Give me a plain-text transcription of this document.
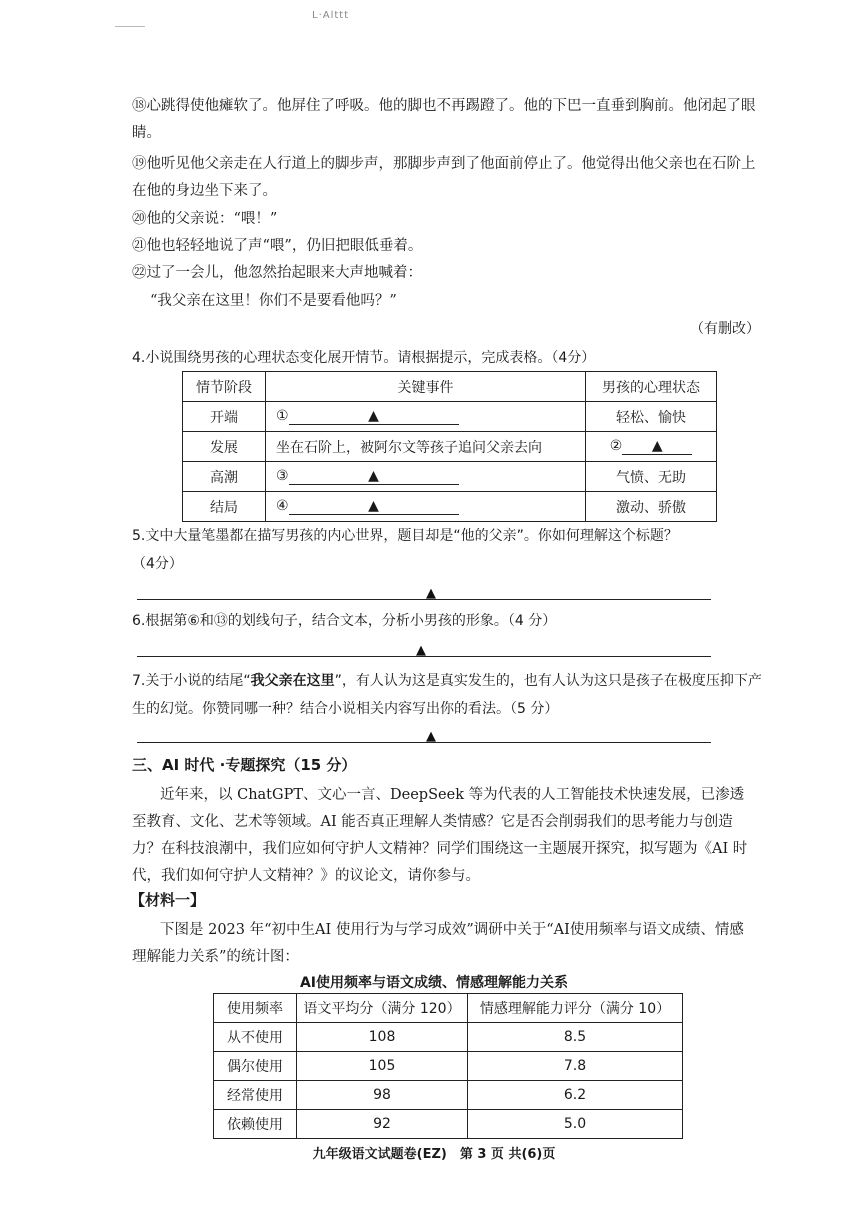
L·Alttt
⑱心跳得使他瘫软了。他屏住了呼吸。他的脚也不再踢蹬了。他的下巴一直垂到胸前。他闭起了眼睛。
⑲他听见他父亲走在人行道上的脚步声，那脚步声到了他面前停止了。他觉得出他父亲也在石阶上在他的身边坐下来了。
⑳他的父亲说：“喂！”
㉑他也轻轻地说了声“喂”，仍旧把眼低垂着。
㉒过了一会儿，他忽然抬起眼来大声地喊着：
“我父亲在这里！你们不是要看他吗？”
（有删改）
4.小说围绕男孩的心理状态变化展开情节。请根据提示，完成表格。（4分）
情节阶段	关键事件	男孩的心理状态
开端	① ▲	轻松、愉快
发展	坐在石阶上，被阿尔文等孩子追问父亲去向	② ▲
高潮	③ ▲	气愤、无助
结局	④ ▲	激动、骄傲
5.文中大量笔墨都在描写男孩的内心世界，题目却是“他的父亲”。你如何理解这个标题？
（4分）
▲
6.根据第⑥和⑬的划线句子，结合文本，分析小男孩的形象。（4 分）
▲
7.关于小说的结尾“我父亲在这里”，有人认为这是真实发生的，也有人认为这只是孩子在极度压抑下产生的幻觉。你赞同哪一种？结合小说相关内容写出你的看法。（5 分）
▲
三、AI 时代 ·专题探究（15 分）
近年来，以 ChatGPT、文心一言、DeepSeek 等为代表的人工智能技术快速发展，已渗透至教育、文化、艺术等领域。AI 能否真正理解人类情感？它是否会削弱我们的思考能力与创造力？在科技浪潮中，我们应如何守护人文精神？同学们围绕这一主题展开探究，拟写题为《AI 时代，我们如何守护人文精神？》的议论文，请你参与。
【材料一】
下图是 2023 年“初中生AI 使用行为与学习成效”调研中关于“AI使用频率与语文成绩、情感理解能力关系”的统计图：
AI使用频率与语文成绩、情感理解能力关系
使用频率	语文平均分（满分 120）	情感理解能力评分（满分 10）
从不使用	108	8.5
偶尔使用	105	7.8
经常使用	98	6.2
依赖使用	92	5.0
九年级语文试题卷(EZ)　第 3 页 共(6)页
